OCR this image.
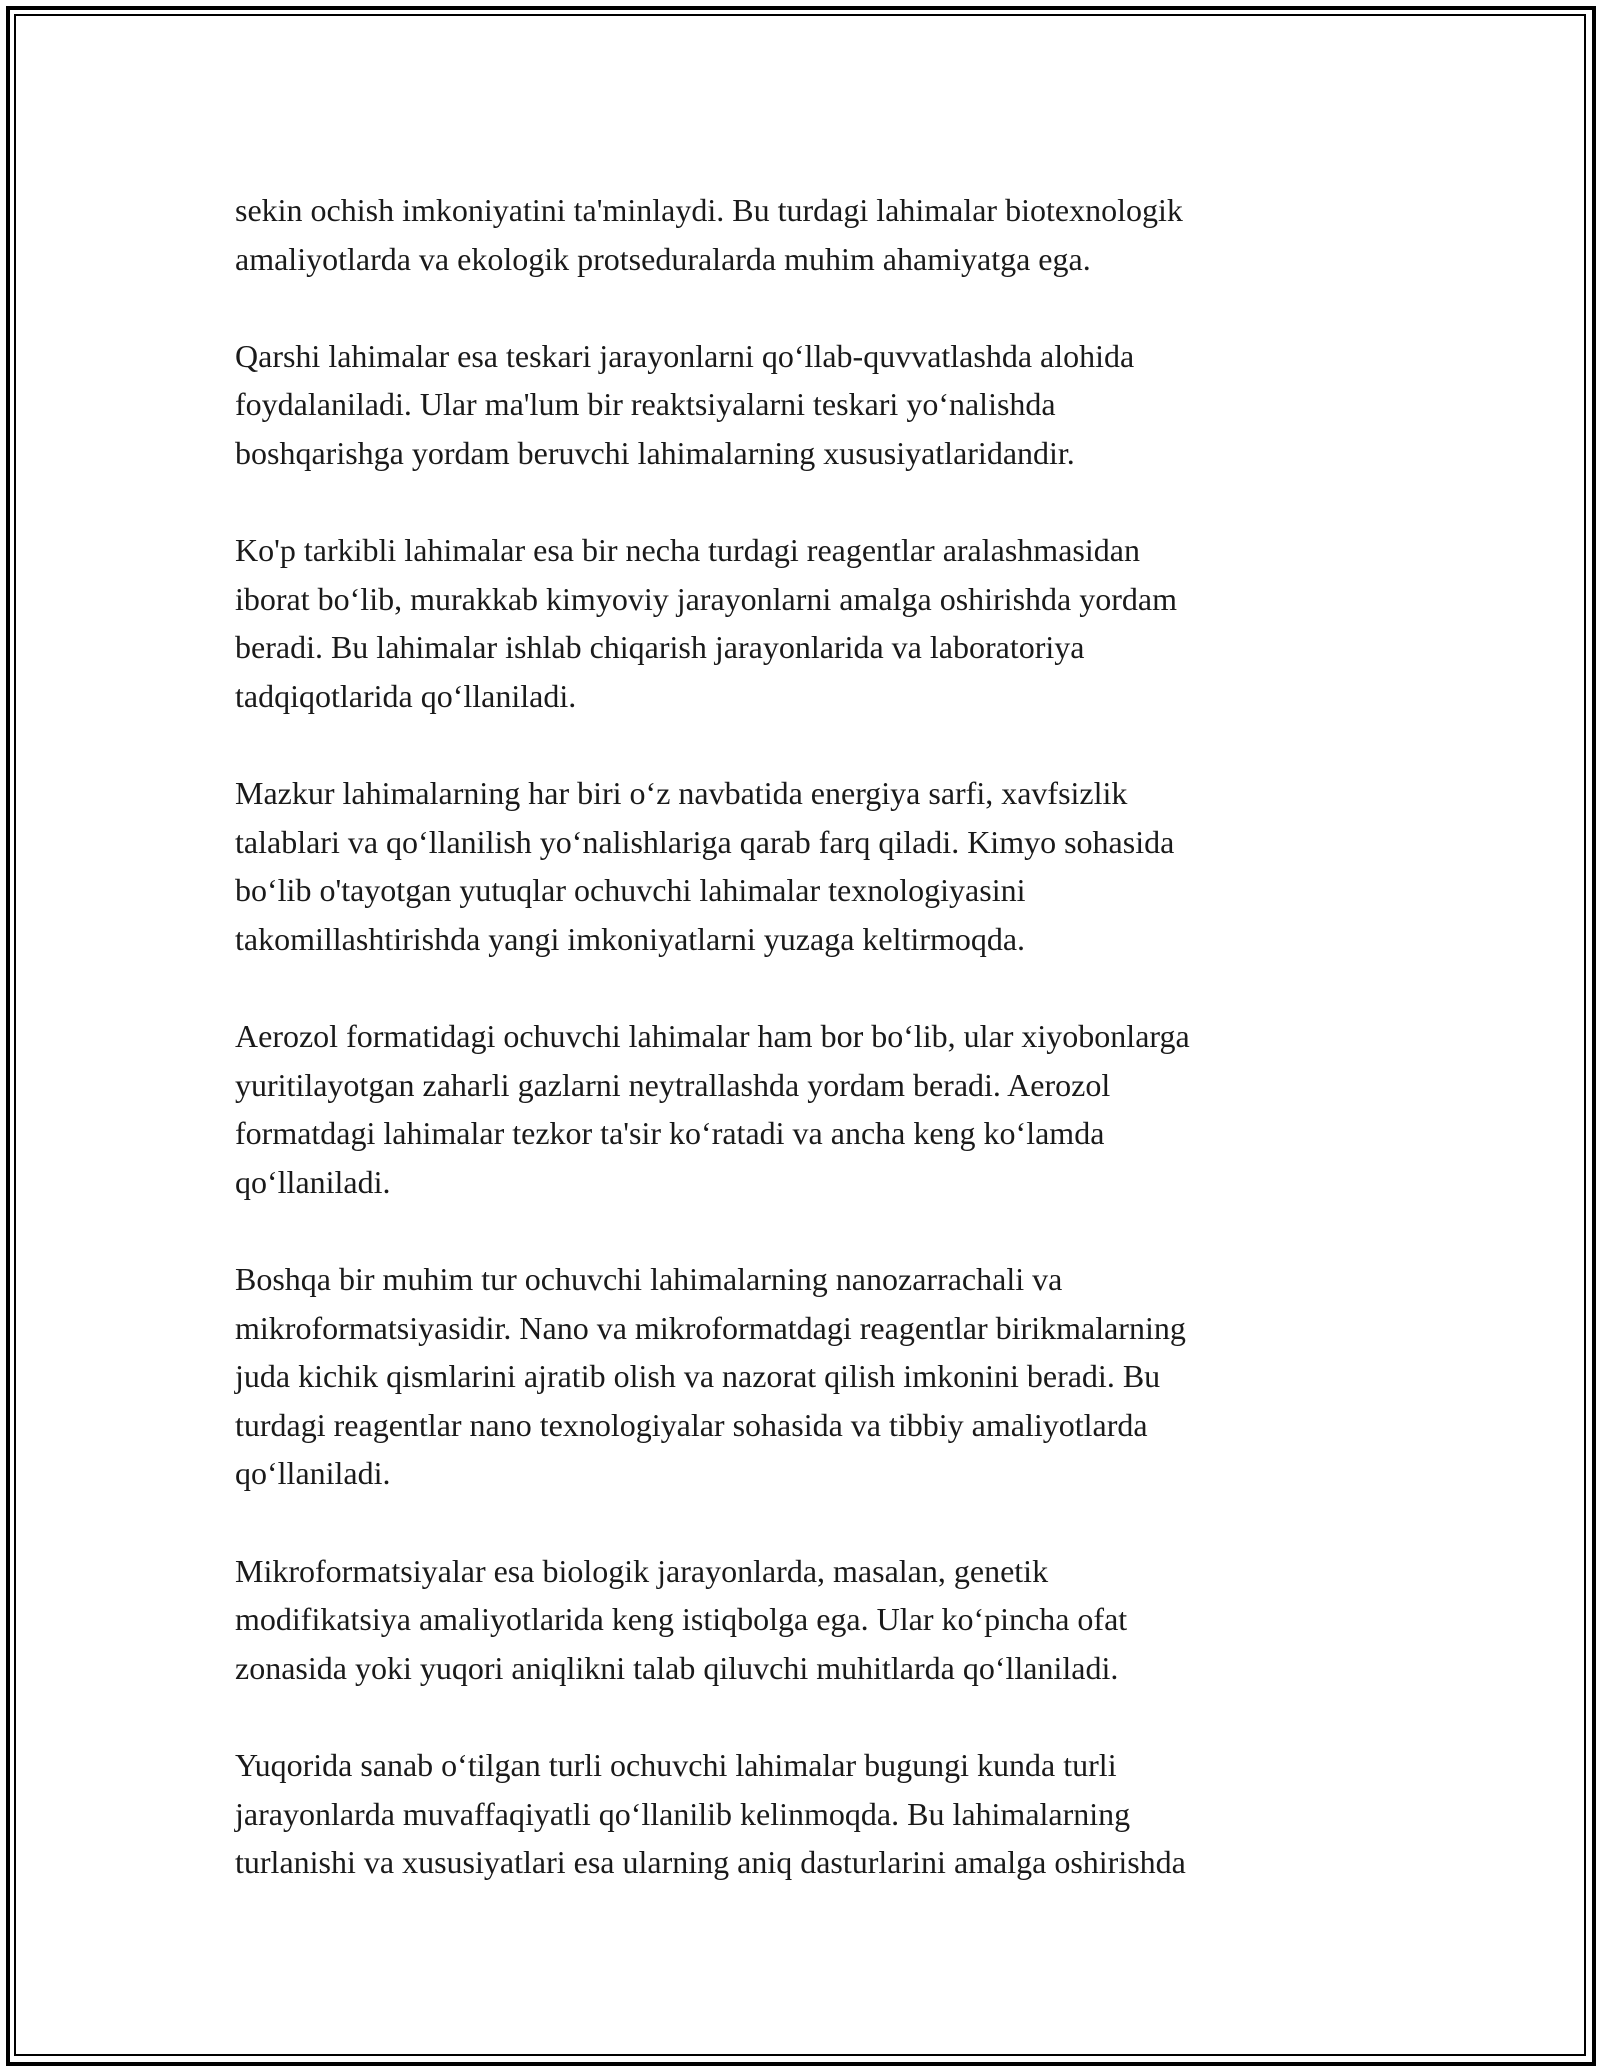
sekin ochish imkoniyatini ta'minlaydi. Bu turdagi lahimalar biotexnologik
amaliyotlarda va ekologik protseduralarda muhim ahamiyatga ega.

Qarshi lahimalar esa teskari jarayonlarni qo‘llab-quvvatlashda alohida
foydalaniladi. Ular ma'lum bir reaktsiyalarni teskari yo‘nalishda
boshqarishga yordam beruvchi lahimalarning xususiyatlaridandir.

Ko'p tarkibli lahimalar esa bir necha turdagi reagentlar aralashmasidan
iborat bo‘lib, murakkab kimyoviy jarayonlarni amalga oshirishda yordam
beradi. Bu lahimalar ishlab chiqarish jarayonlarida va laboratoriya
tadqiqotlarida qo‘llaniladi.

Mazkur lahimalarning har biri o‘z navbatida energiya sarfi, xavfsizlik
talablari va qo‘llanilish yo‘nalishlariga qarab farq qiladi. Kimyo sohasida
bo‘lib o'tayotgan yutuqlar ochuvchi lahimalar texnologiyasini
takomillashtirishda yangi imkoniyatlarni yuzaga keltirmoqda.

Aerozol formatidagi ochuvchi lahimalar ham bor bo‘lib, ular xiyobonlarga
yuritilayotgan zaharli gazlarni neytrallashda yordam beradi. Aerozol
formatdagi lahimalar tezkor ta'sir ko‘ratadi va ancha keng ko‘lamda
qo‘llaniladi.

Boshqa bir muhim tur ochuvchi lahimalarning nanozarrachali va
mikroformatsiyasidir. Nano va mikroformatdagi reagentlar birikmalarning
juda kichik qismlarini ajratib olish va nazorat qilish imkonini beradi. Bu
turdagi reagentlar nano texnologiyalar sohasida va tibbiy amaliyotlarda
qo‘llaniladi.

Mikroformatsiyalar esa biologik jarayonlarda, masalan, genetik
modifikatsiya amaliyotlarida keng istiqbolga ega. Ular ko‘pincha ofat
zonasida yoki yuqori aniqlikni talab qiluvchi muhitlarda qo‘llaniladi.

Yuqorida sanab o‘tilgan turli ochuvchi lahimalar bugungi kunda turli
jarayonlarda muvaffaqiyatli qo‘llanilib kelinmoqda. Bu lahimalarning
turlanishi va xususiyatlari esa ularning aniq dasturlarini amalga oshirishda
